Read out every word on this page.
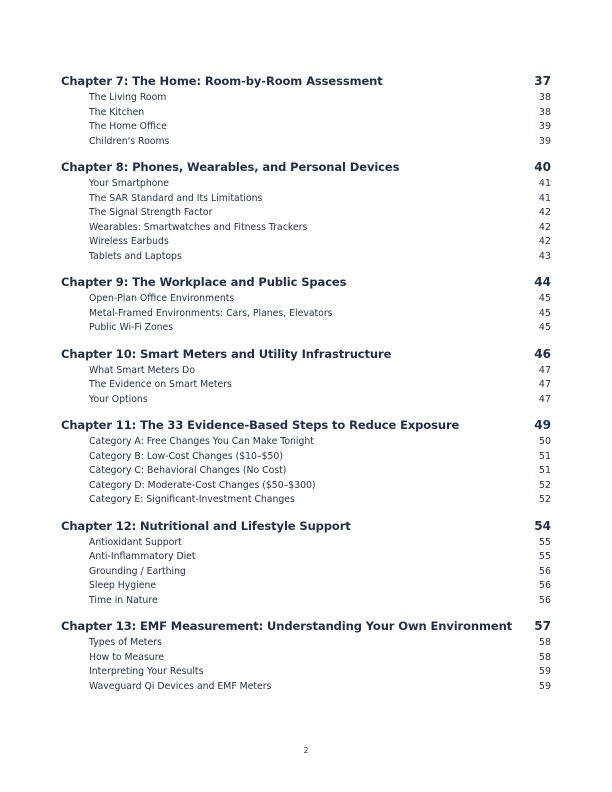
Chapter 7: The Home: Room-by-Room Assessment	37
The Living Room	38
The Kitchen	38
The Home Office	39
Children's Rooms	39
Chapter 8: Phones, Wearables, and Personal Devices	40
Your Smartphone	41
The SAR Standard and Its Limitations	41
The Signal Strength Factor	42
Wearables: Smartwatches and Fitness Trackers	42
Wireless Earbuds	42
Tablets and Laptops	43
Chapter 9: The Workplace and Public Spaces	44
Open-Plan Office Environments	45
Metal-Framed Environments: Cars, Planes, Elevators	45
Public Wi-Fi Zones	45
Chapter 10: Smart Meters and Utility Infrastructure	46
What Smart Meters Do	47
The Evidence on Smart Meters	47
Your Options	47
Chapter 11: The 33 Evidence-Based Steps to Reduce Exposure	49
Category A: Free Changes You Can Make Tonight	50
Category B: Low-Cost Changes ($10–$50)	51
Category C: Behavioral Changes (No Cost)	51
Category D: Moderate-Cost Changes ($50–$300)	52
Category E: Significant-Investment Changes	52
Chapter 12: Nutritional and Lifestyle Support	54
Antioxidant Support	55
Anti-Inflammatory Diet	55
Grounding / Earthing	56
Sleep Hygiene	56
Time in Nature	56
Chapter 13: EMF Measurement: Understanding Your Own Environment 57
Types of Meters	58
How to Measure	58
Interpreting Your Results	59
Waveguard Qi Devices and EMF Meters	59
2
